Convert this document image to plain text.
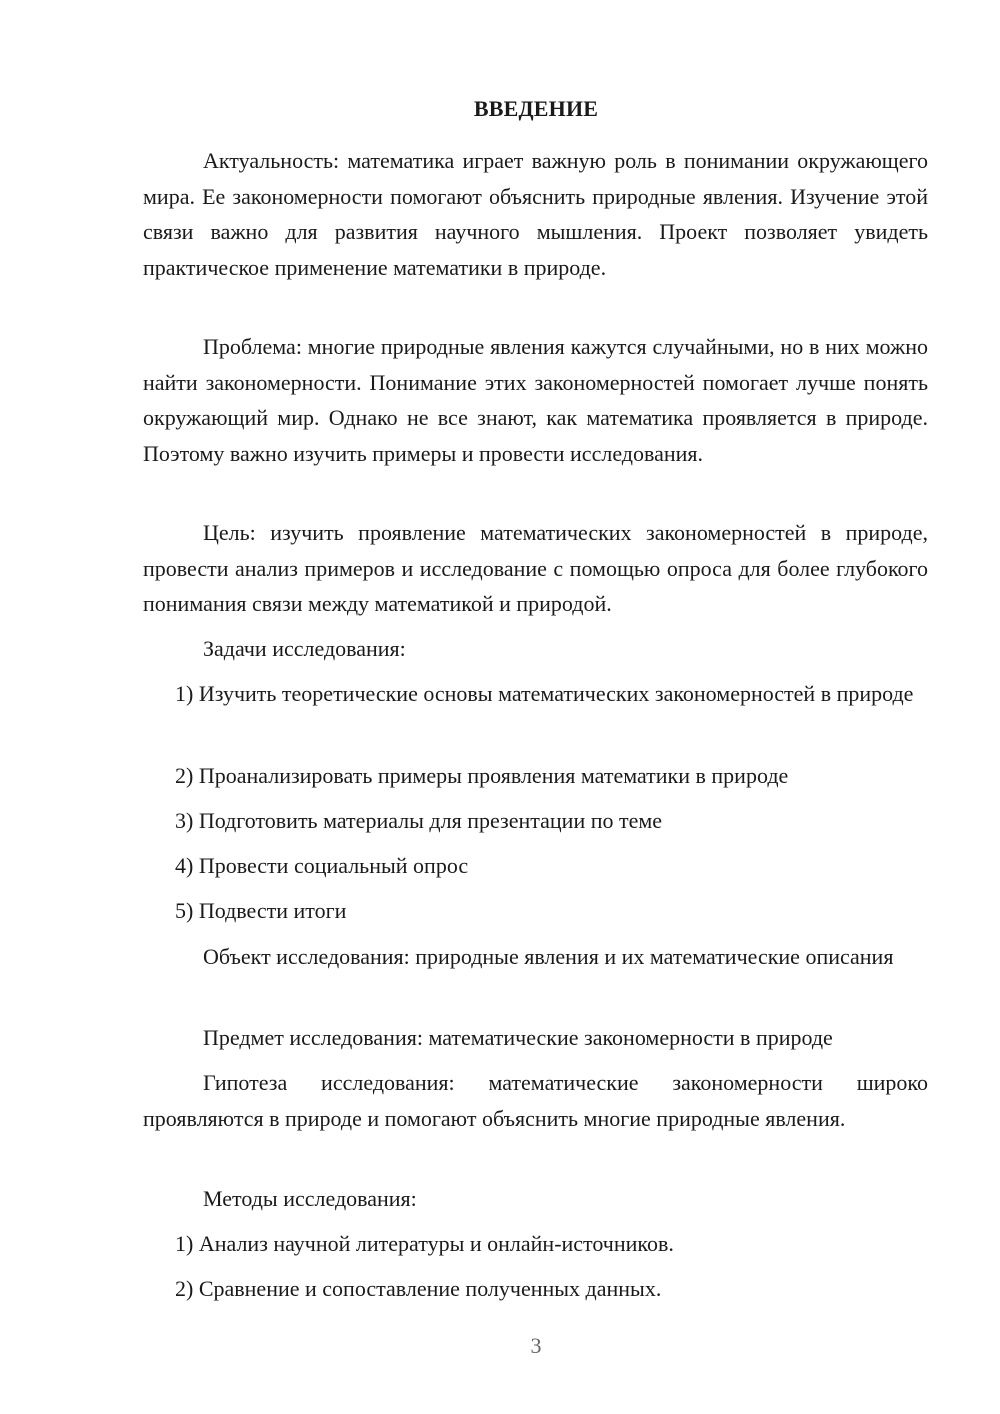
ВВЕДЕНИЕ

Актуальность: математика играет важную роль в понимании окружающего мира. Ее закономерности помогают объяснить природные явления. Изучение этой связи важно для развития научного мышления. Проект позволяет увидеть практическое применение математики в природе.

Проблема: многие природные явления кажутся случайными, но в них можно найти закономерности. Понимание этих закономерностей помогает лучше понять окружающий мир. Однако не все знают, как математика проявляется в природе. Поэтому важно изучить примеры и провести исследования.

Цель: изучить проявление математических закономерностей в природе, провести анализ примеров и исследование с помощью опроса для более глубокого понимания связи между математикой и природой.

Задачи исследования:

1) Изучить теоретические основы математических закономерностей в природе

2) Проанализировать примеры проявления математики в природе

3) Подготовить материалы для презентации по теме

4) Провести социальный опрос

5) Подвести итоги

Объект исследования: природные явления и их математические описания

Предмет исследования: математические закономерности в природе

Гипотеза исследования: математические закономерности широко проявляются в природе и помогают объяснить многие природные явления.

Методы исследования:

1) Анализ научной литературы и онлайн-источников.

2) Сравнение и сопоставление полученных данных.

3
